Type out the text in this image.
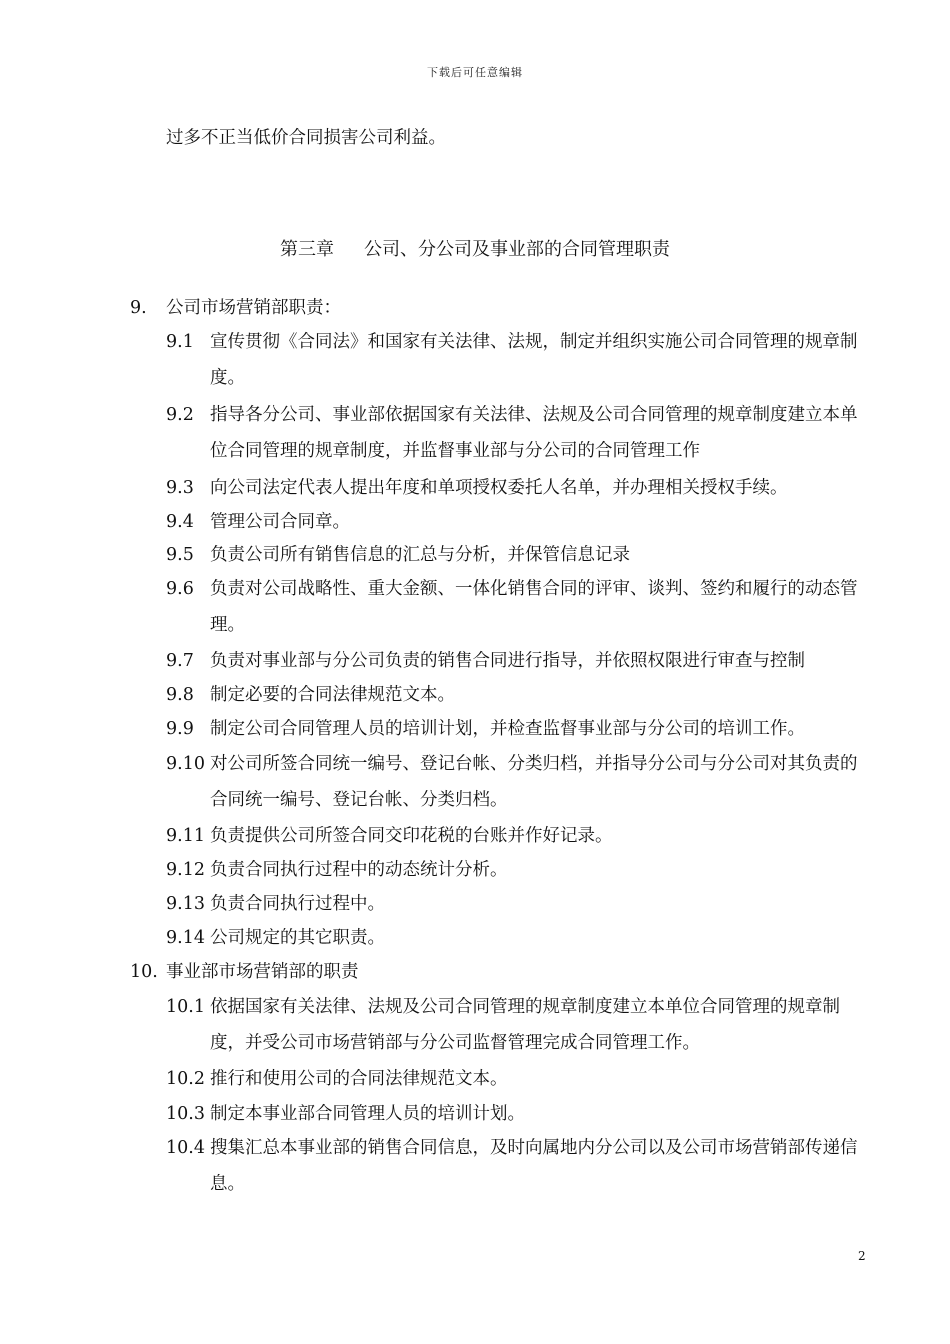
下载后可任意编辑
过多不正当低价合同损害公司利益。
第三章 公司、分公司及事业部的合同管理职责
9. 公司市场营销部职责：
9.1 宣传贯彻《合同法》和国家有关法律、法规，制定并组织实施公司合同管理的规章制度。
9.2 指导各分公司、事业部依据国家有关法律、法规及公司合同管理的规章制度建立本单位合同管理的规章制度，并监督事业部与分公司的合同管理工作
9.3 向公司法定代表人提出年度和单项授权委托人名单，并办理相关授权手续。
9.4 管理公司合同章。
9.5 负责公司所有销售信息的汇总与分析，并保管信息记录
9.6 负责对公司战略性、重大金额、一体化销售合同的评审、谈判、签约和履行的动态管理。
9.7 负责对事业部与分公司负责的销售合同进行指导，并依照权限进行审查与控制
9.8 制定必要的合同法律规范文本。
9.9 制定公司合同管理人员的培训计划，并检查监督事业部与分公司的培训工作。
9.10 对公司所签合同统一编号、登记台帐、分类归档，并指导分公司与分公司对其负责的合同统一编号、登记台帐、分类归档。
9.11 负责提供公司所签合同交印花税的台账并作好记录。
9.12 负责合同执行过程中的动态统计分析。
9.13 负责合同执行过程中。
9.14 公司规定的其它职责。
10. 事业部市场营销部的职责
10.1 依据国家有关法律、法规及公司合同管理的规章制度建立本单位合同管理的规章制度，并受公司市场营销部与分公司监督管理完成合同管理工作。
10.2 推行和使用公司的合同法律规范文本。
10.3 制定本事业部合同管理人员的培训计划。
10.4 搜集汇总本事业部的销售合同信息，及时向属地内分公司以及公司市场营销部传递信息。
2
